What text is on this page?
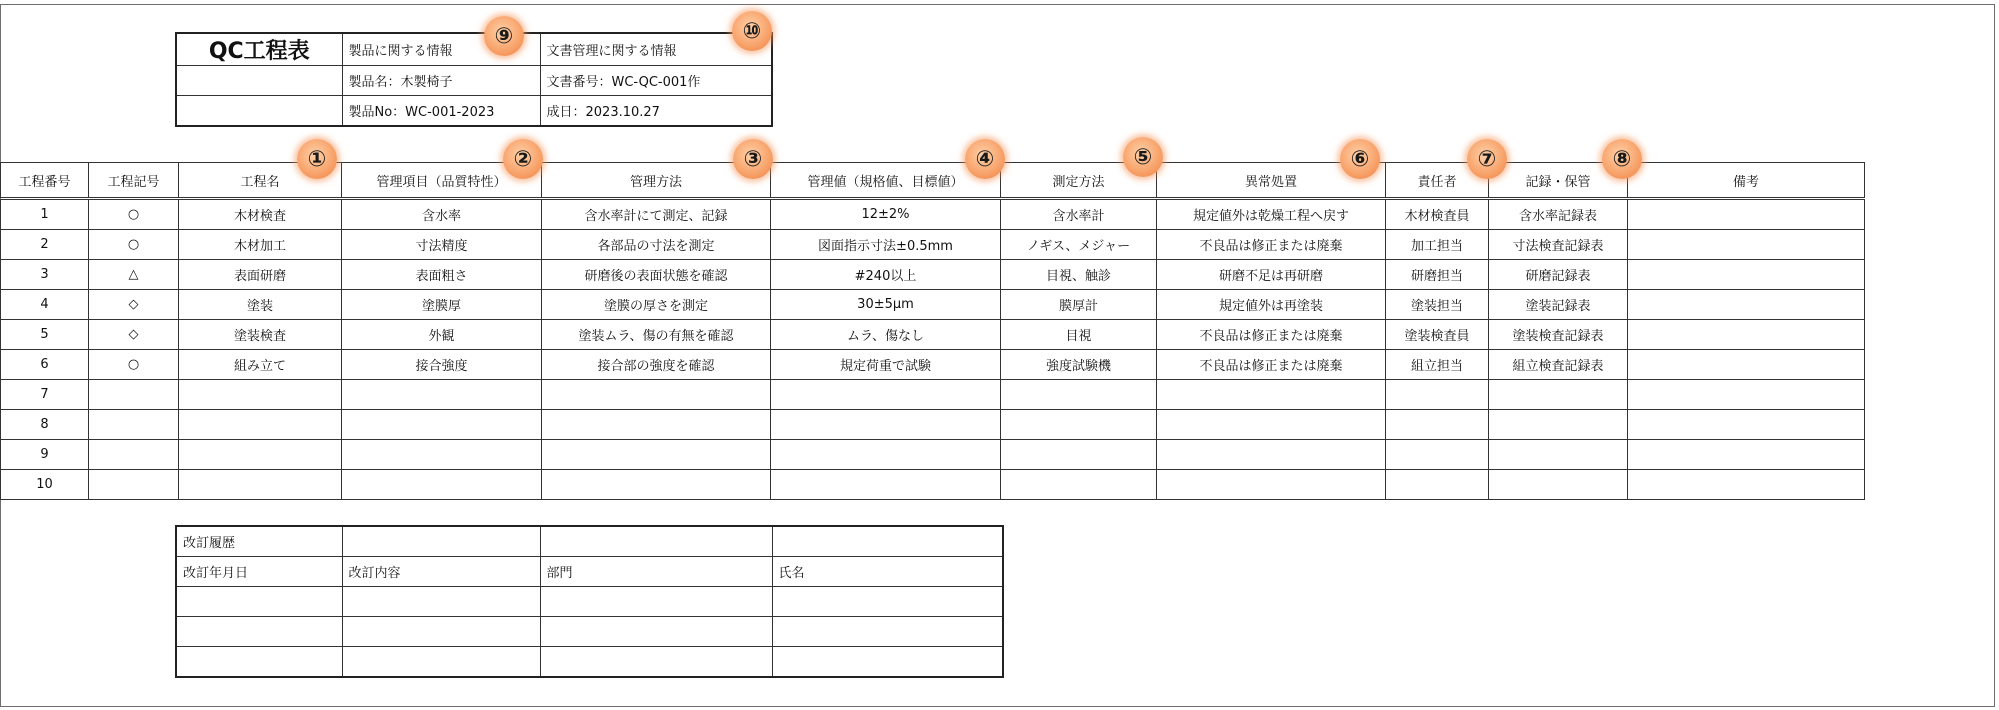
QC工程表	製品に関する情報	文書管理に関する情報
	製品名：木製椅子	文書番号：WC-QC-001作
	製品No：WC-001-2023	成日：2023.10.27
工程番号	工程記号	工程名	管理項目（品質特性）	管理方法	管理値（規格値、目標値）	測定方法	異常処置	責任者	記録・保管	備考
1	○	木材検査	含水率	含水率計にて測定、記録	12±2%	含水率計	規定値外は乾燥工程へ戻す	木材検査員	含水率記録表	
2	○	木材加工	寸法精度	各部品の寸法を測定	図面指示寸法±0.5mm	ノギス、メジャー	不良品は修正または廃棄	加工担当	寸法検査記録表	
3	△	表面研磨	表面粗さ	研磨後の表面状態を確認	#240以上	目視、触診	研磨不足は再研磨	研磨担当	研磨記録表	
4	◇	塗装	塗膜厚	塗膜の厚さを測定	30±5μm	膜厚計	規定値外は再塗装	塗装担当	塗装記録表	
5	◇	塗装検査	外観	塗装ムラ、傷の有無を確認	ムラ、傷なし	目視	不良品は修正または廃棄	塗装検査員	塗装検査記録表	
6	○	組み立て	接合強度	接合部の強度を確認	規定荷重で試験	強度試験機	不良品は修正または廃棄	組立担当	組立検査記録表	
7										
8										
9										
10										
改訂履歴			
改訂年月日	改訂内容	部門	氏名

①	②	③	④	⑤	⑥	⑦	⑧
⑨	⑩
